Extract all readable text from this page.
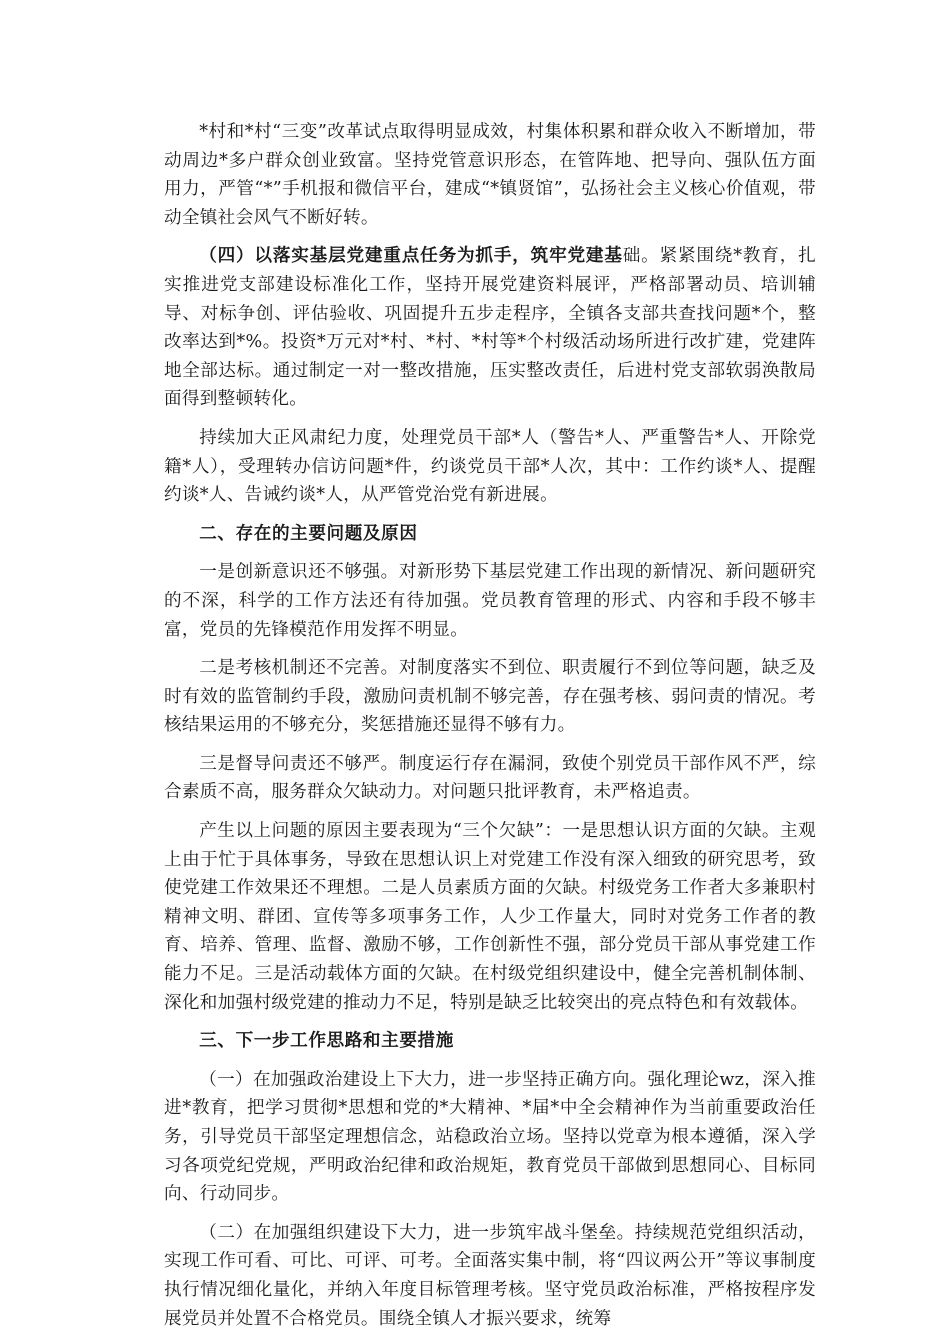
*村和*村“三变”改革试点取得明显成效，村集体积累和群众收入不断增加，带动周边*多户群众创业致富。坚持党管意识形态，在管阵地、把导向、强队伍方面用力，严管“*”手机报和微信平台，建成“*镇贤馆”，弘扬社会主义核心价值观，带动全镇社会风气不断好转。

（四）以落实基层党建重点任务为抓手，筑牢党建基础。紧紧围绕*教育，扎实推进党支部建设标准化工作，坚持开展党建资料展评，严格部署动员、培训辅导、对标争创、评估验收、巩固提升五步走程序，全镇各支部共查找问题*个，整改率达到*%。投资*万元对*村、*村、*村等*个村级活动场所进行改扩建，党建阵地全部达标。通过制定一对一整改措施，压实整改责任，后进村党支部软弱涣散局面得到整顿转化。

持续加大正风肃纪力度，处理党员干部*人（警告*人、严重警告*人、开除党籍*人），受理转办信访问题*件，约谈党员干部*人次，其中：工作约谈*人、提醒约谈*人、告诫约谈*人，从严管党治党有新进展。

二、存在的主要问题及原因

一是创新意识还不够强。对新形势下基层党建工作出现的新情况、新问题研究的不深，科学的工作方法还有待加强。党员教育管理的形式、内容和手段不够丰富，党员的先锋模范作用发挥不明显。

二是考核机制还不完善。对制度落实不到位、职责履行不到位等问题，缺乏及时有效的监管制约手段，激励问责机制不够完善，存在强考核、弱问责的情况。考核结果运用的不够充分，奖惩措施还显得不够有力。

三是督导问责还不够严。制度运行存在漏洞，致使个别党员干部作风不严，综合素质不高，服务群众欠缺动力。对问题只批评教育，未严格追责。

产生以上问题的原因主要表现为“三个欠缺”：一是思想认识方面的欠缺。主观上由于忙于具体事务，导致在思想认识上对党建工作没有深入细致的研究思考，致使党建工作效果还不理想。二是人员素质方面的欠缺。村级党务工作者大多兼职村精神文明、群团、宣传等多项事务工作，人少工作量大，同时对党务工作者的教育、培养、管理、监督、激励不够，工作创新性不强，部分党员干部从事党建工作能力不足。三是活动载体方面的欠缺。在村级党组织建设中，健全完善机制体制、深化和加强村级党建的推动力不足，特别是缺乏比较突出的亮点特色和有效载体。

三、下一步工作思路和主要措施

（一）在加强政治建设上下大力，进一步坚持正确方向。强化理论wz，深入推进*教育，把学习贯彻*思想和党的*大精神、*届*中全会精神作为当前重要政治任务，引导党员干部坚定理想信念，站稳政治立场。坚持以党章为根本遵循，深入学习各项党纪党规，严明政治纪律和政治规矩，教育党员干部做到思想同心、目标同向、行动同步。

（二）在加强组织建设下大力，进一步筑牢战斗堡垒。持续规范党组织活动，实现工作可看、可比、可评、可考。全面落实集中制，将“四议两公开”等议事制度执行情况细化量化，并纳入年度目标管理考核。坚守党员政治标准，严格按程序发展党员并处置不合格党员。围绕全镇人才振兴要求，统筹
